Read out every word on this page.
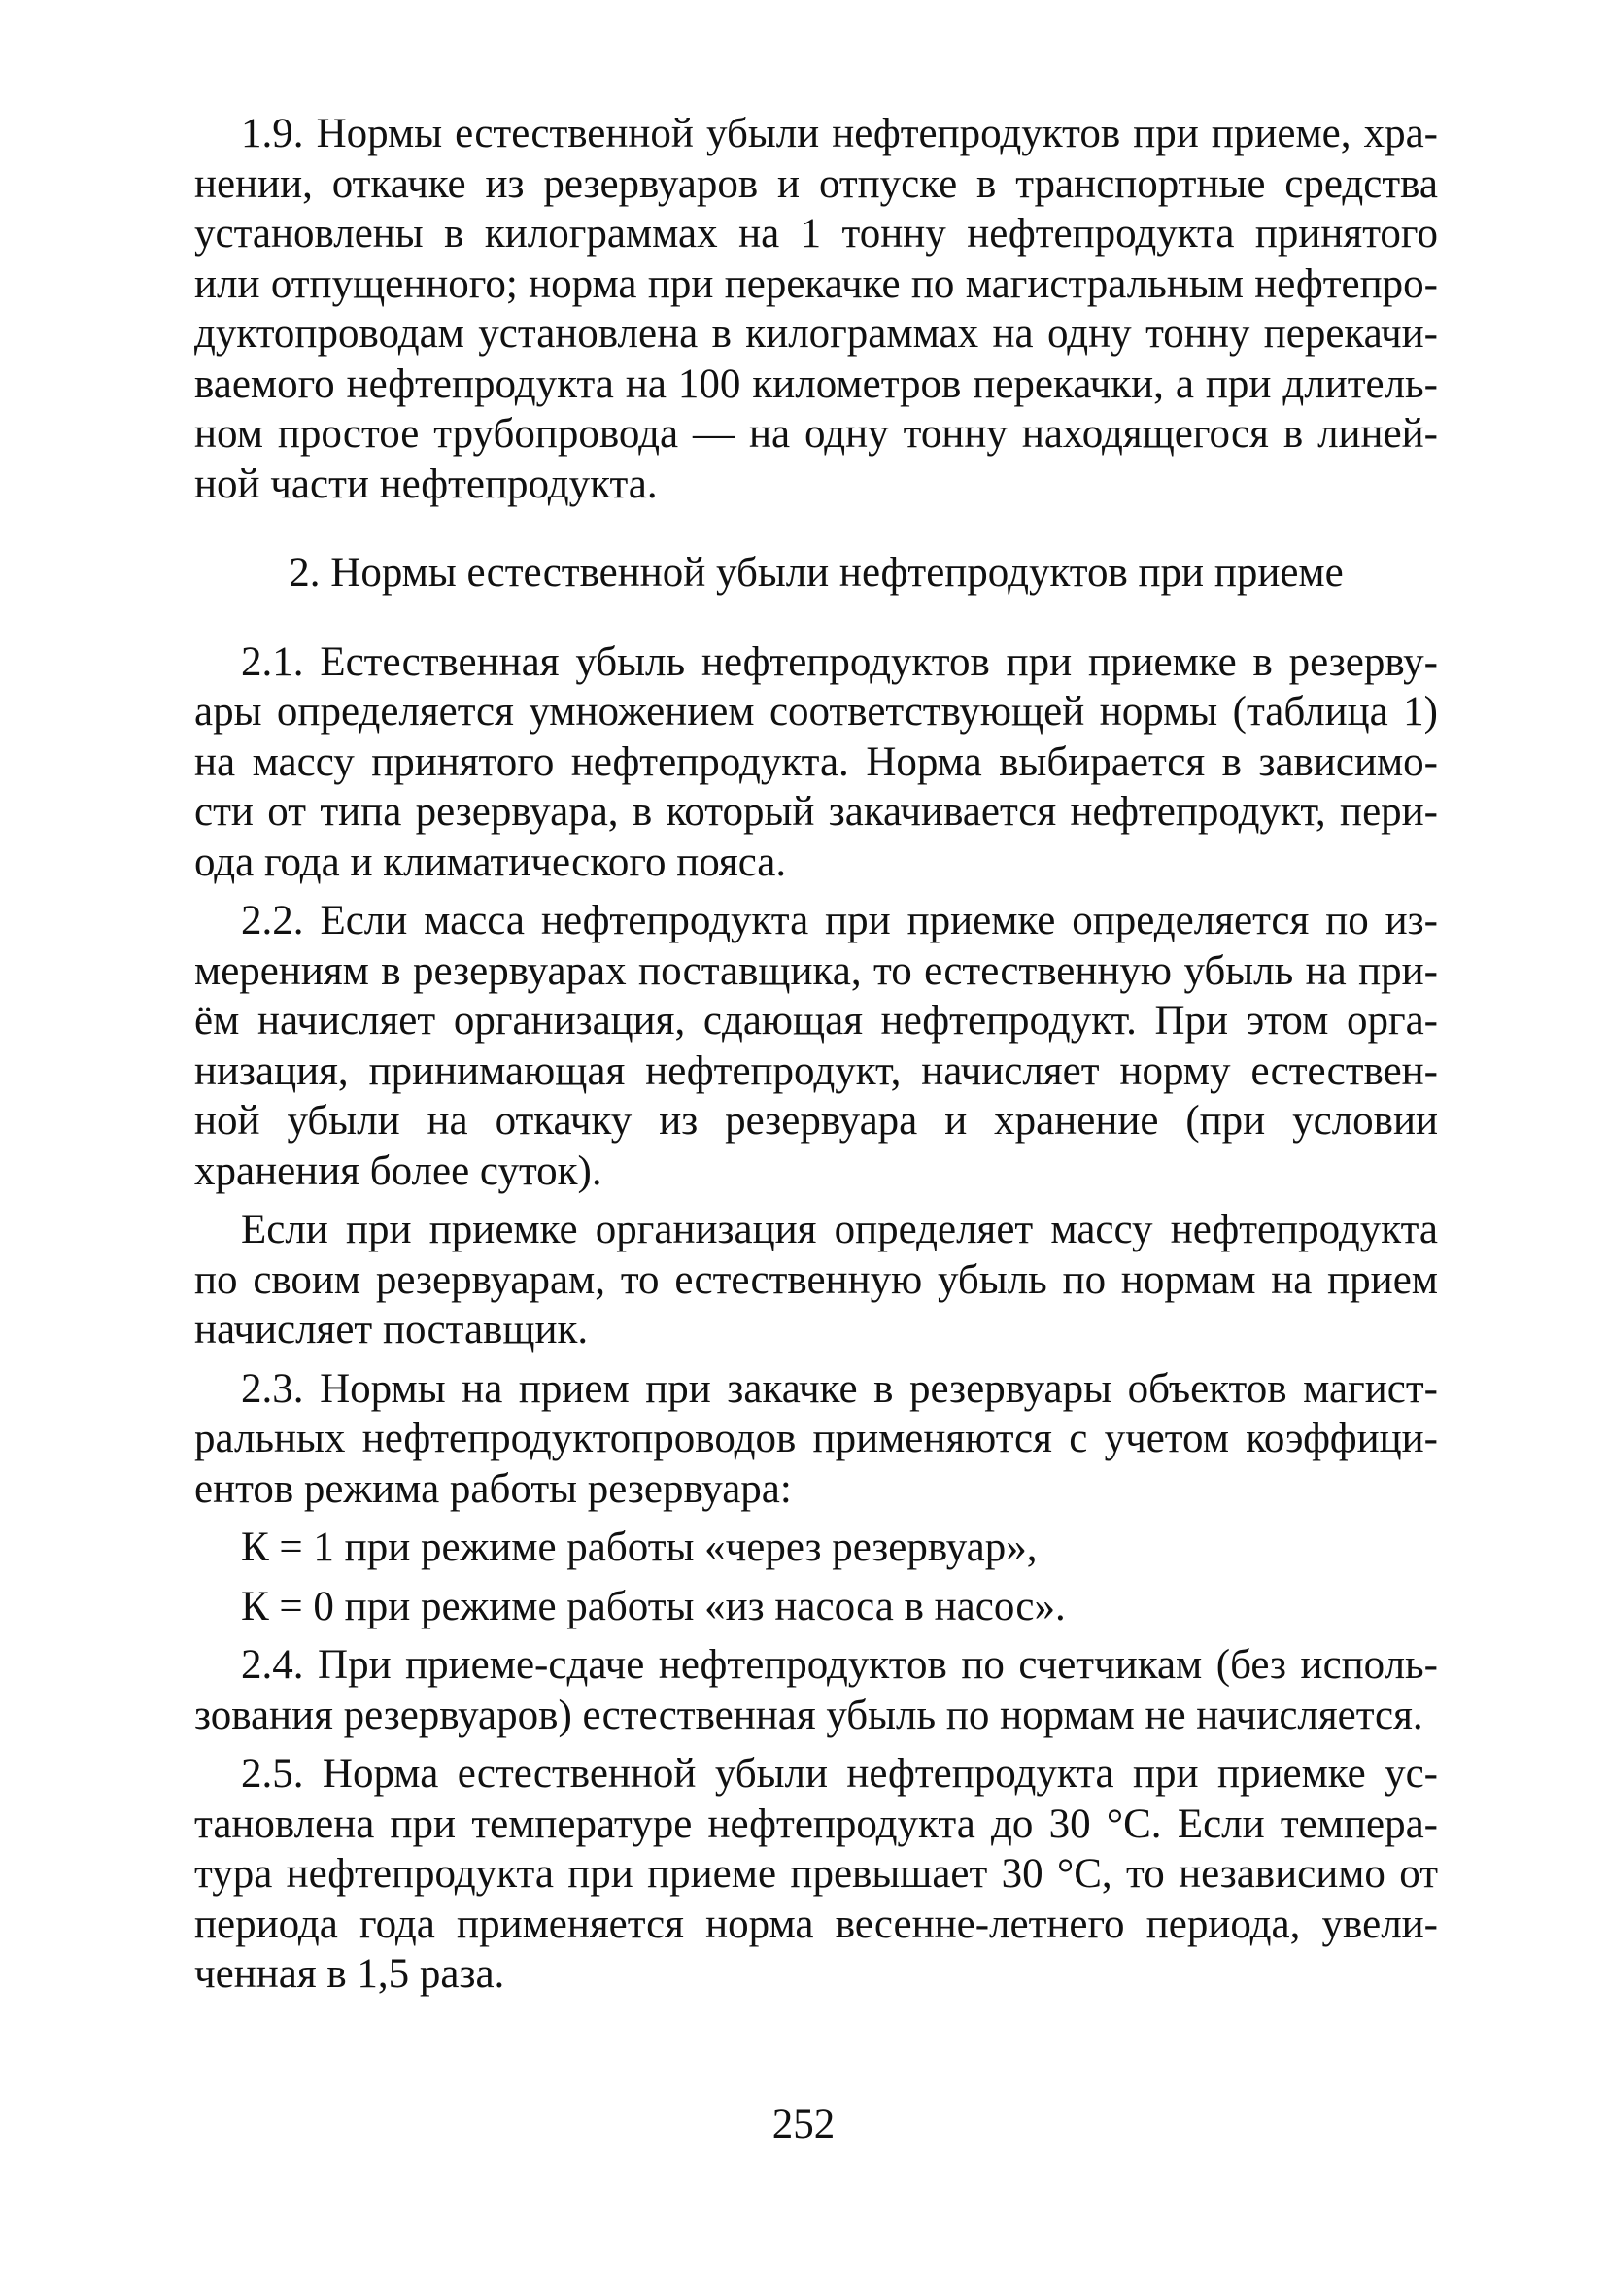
1.9. Нормы естественной убыли нефтепродуктов при приеме, хранении, откачке из резервуаров и отпуске в транспортные средства установлены в килограммах на 1 тонну нефтепродукта принятого или отпущенного; норма при перекачке по магистральным нефтепродуктопроводам установлена в килограммах на одну тонну перекачиваемого нефтепродукта на 100 километров перекачки, а при длительном простое трубопровода — на одну тонну находящегося в линейной части нефтепродукта.

2. Нормы естественной убыли нефтепродуктов при приеме

2.1. Естественная убыль нефтепродуктов при приемке в резервуары определяется умножением соответствующей нормы (таблица 1) на массу принятого нефтепродукта. Норма выбирается в зависимости от типа резервуара, в который закачивается нефтепродукт, периода года и климатического пояса.

2.2. Если масса нефтепродукта при приемке определяется по измерениям в резервуарах поставщика, то естественную убыль на приём начисляет организация, сдающая нефтепродукт. При этом организация, принимающая нефтепродукт, начисляет норму естественной убыли на откачку из резервуара и хранение (при условии хранения более суток).

Если при приемке организация определяет массу нефтепродукта по своим резервуарам, то естественную убыль по нормам на прием начисляет поставщик.

2.3. Нормы на прием при закачке в резервуары объектов магистральных нефтепродуктопроводов применяются с учетом коэффициентов режима работы резервуара:

К = 1 при режиме работы «через резервуар»,

К = 0 при режиме работы «из насоса в насос».

2.4. При приеме-сдаче нефтепродуктов по счетчикам (без использования резервуаров) естественная убыль по нормам не начисляется.

2.5. Норма естественной убыли нефтепродукта при приемке установлена при температуре нефтепродукта до 30 °С. Если температура нефтепродукта при приеме превышает 30 °С, то независимо от периода года применяется норма весенне-летнего периода, увеличенная в 1,5 раза.

252
